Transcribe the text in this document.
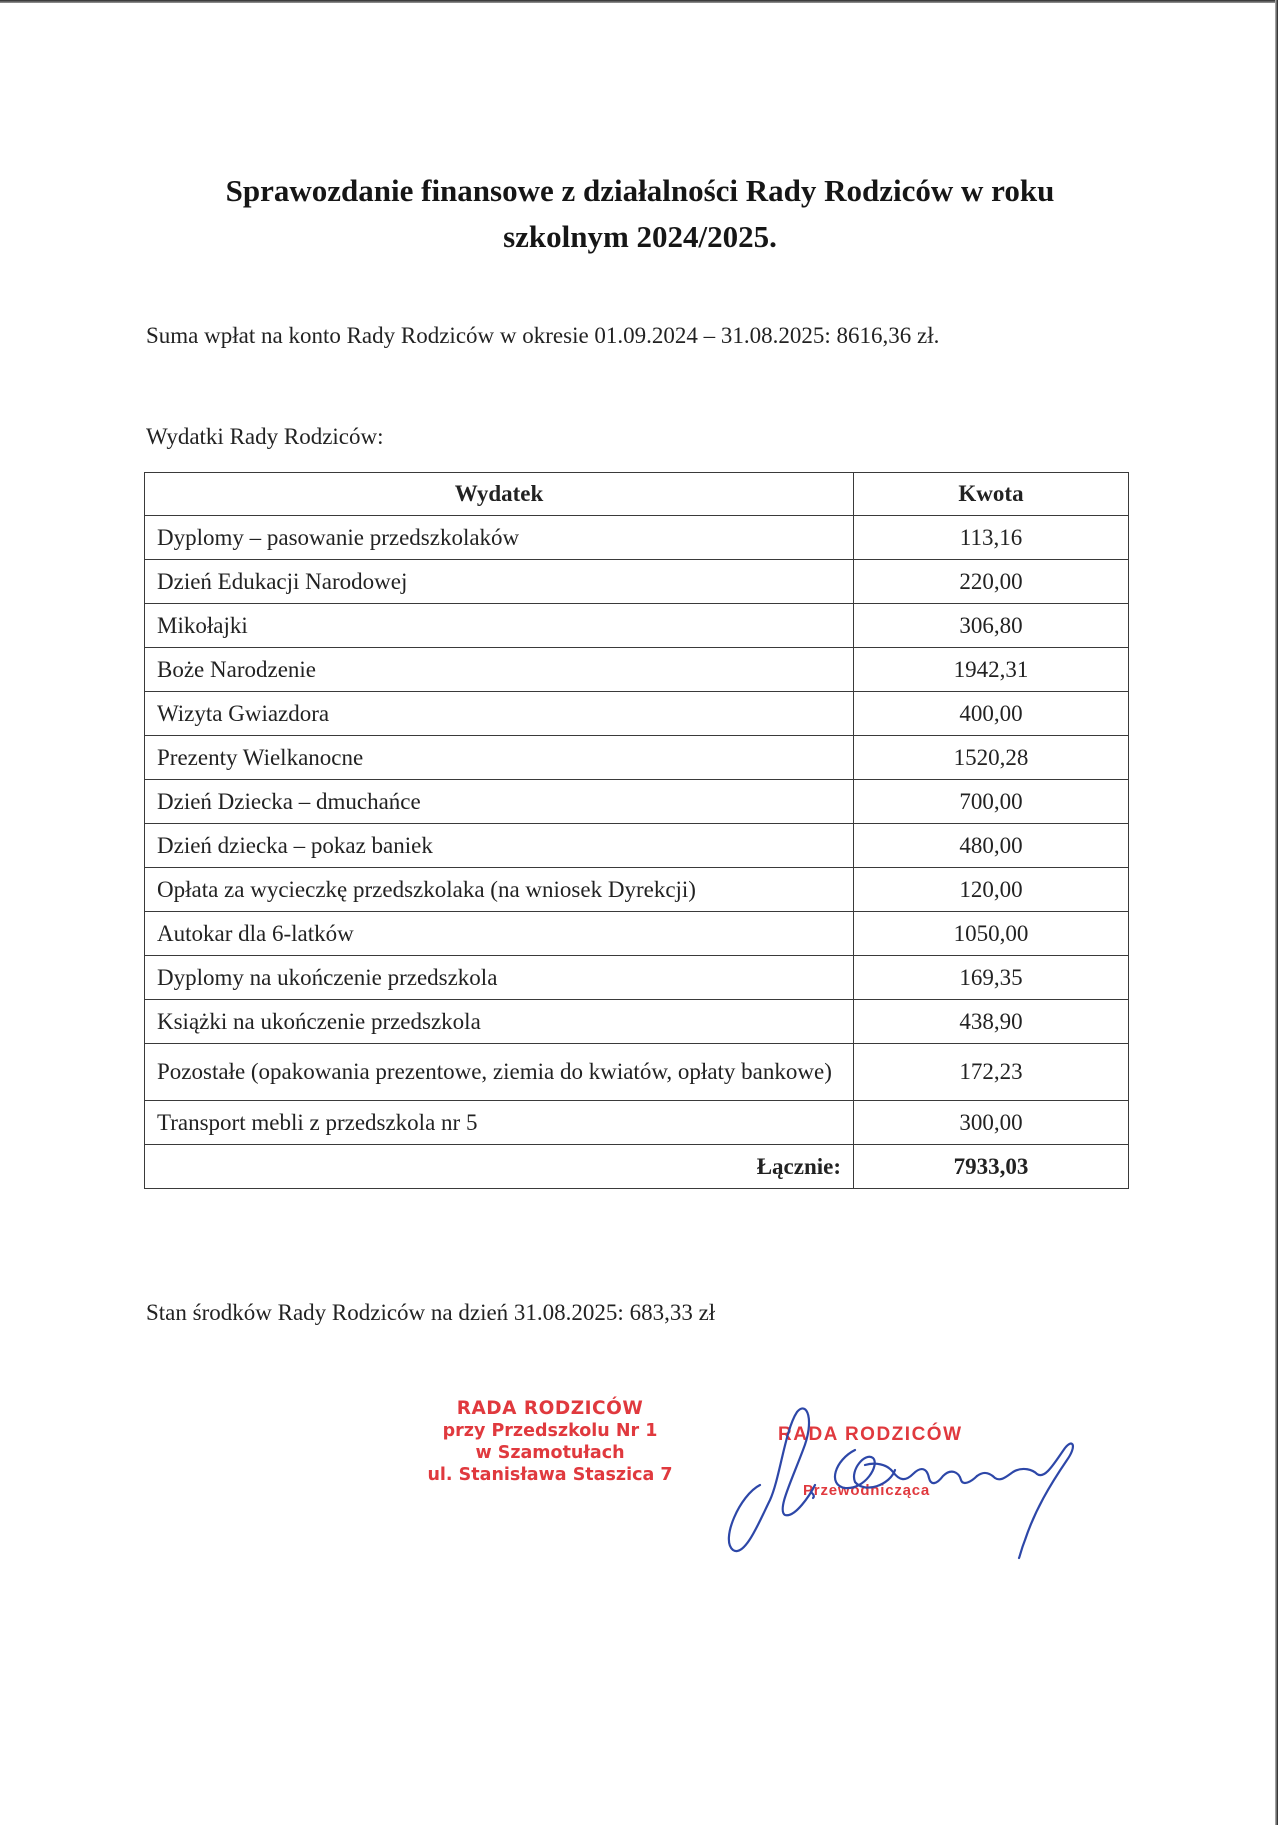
Sprawozdanie finansowe z działalności Rady Rodziców w roku
szkolnym 2024/2025.
Suma wpłat na konto Rady Rodziców w okresie 01.09.2024 – 31.08.2025: 8616,36 zł.
Wydatki Rady Rodziców:
Wydatek	Kwota
Dyplomy – pasowanie przedszkolaków	113,16
Dzień Edukacji Narodowej	220,00
Mikołajki	306,80
Boże Narodzenie	1942,31
Wizyta Gwiazdora	400,00
Prezenty Wielkanocne	1520,28
Dzień Dziecka – dmuchańce	700,00
Dzień dziecka – pokaz baniek	480,00
Opłata za wycieczkę przedszkolaka (na wniosek Dyrekcji)	120,00
Autokar dla 6-latków	1050,00
Dyplomy na ukończenie przedszkola	169,35
Książki na ukończenie przedszkola	438,90
Pozostałe (opakowania prezentowe, ziemia do kwiatów, opłaty bankowe)	172,23
Transport mebli z przedszkola nr 5	300,00
Łącznie:	7933,03
Stan środków Rady Rodziców na dzień 31.08.2025: 683,33 zł
RADA RODZICÓW
przy Przedszkolu Nr 1
w Szamotułach
ul. Stanisława Staszica 7
RADA RODZICÓW
Przewodnicząca
